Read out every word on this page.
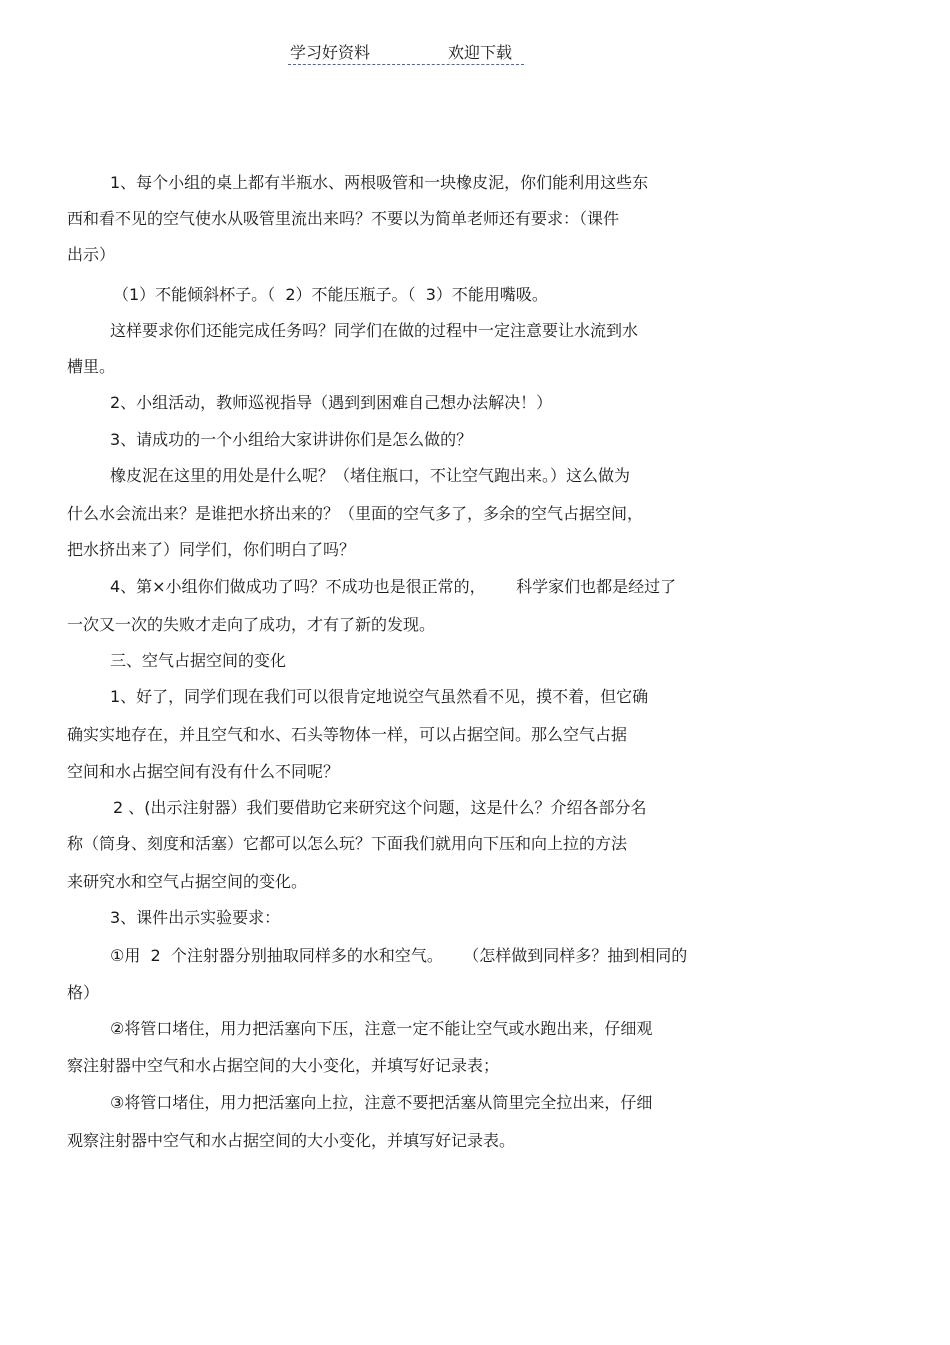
学习好资料	欢迎下载

1、每个小组的桌上都有半瓶水、两根吸管和一块橡皮泥，你们能利用这些东

西和看不见的空气使水从吸管里流出来吗？不要以为简单老师还有要求：（课件

出示）

（1）不能倾斜杯子。（  2）不能压瓶子。（  3）不能用嘴吸。

这样要求你们还能完成任务吗？同学们在做的过程中一定注意要让水流到水

槽里。

2、小组活动，教师巡视指导（遇到到困难自己想办法解决！）

3、请成功的一个小组给大家讲讲你们是怎么做的？

橡皮泥在这里的用处是什么呢？（堵住瓶口，不让空气跑出来。）这么做为

什么水会流出来？是谁把水挤出来的？（里面的空气多了，多余的空气占据空间，

把水挤出来了）同学们，你们明白了吗？

4、第×小组你们做成功了吗？不成功也是很正常的，      科学家们也都是经过了

一次又一次的失败才走向了成功，才有了新的发现。

三、空气占据空间的变化

1、好了，同学们现在我们可以很肯定地说空气虽然看不见，摸不着，但它确

确实实地存在，并且空气和水、石头等物体一样，可以占据空间。那么空气占据

空间和水占据空间有没有什么不同呢？

2 、(出示注射器）我们要借助它来研究这个问题，这是什么？介绍各部分名

称（筒身、刻度和活塞）它都可以怎么玩？下面我们就用向下压和向上拉的方法

来研究水和空气占据空间的变化。

3、课件出示实验要求：

①用  2  个注射器分别抽取同样多的水和空气。    （怎样做到同样多？抽到相同的

格）

②将管口堵住，用力把活塞向下压，注意一定不能让空气或水跑出来，仔细观

察注射器中空气和水占据空间的大小变化，并填写好记录表；

③将管口堵住，用力把活塞向上拉，注意不要把活塞从筒里完全拉出来，仔细

观察注射器中空气和水占据空间的大小变化，并填写好记录表。
